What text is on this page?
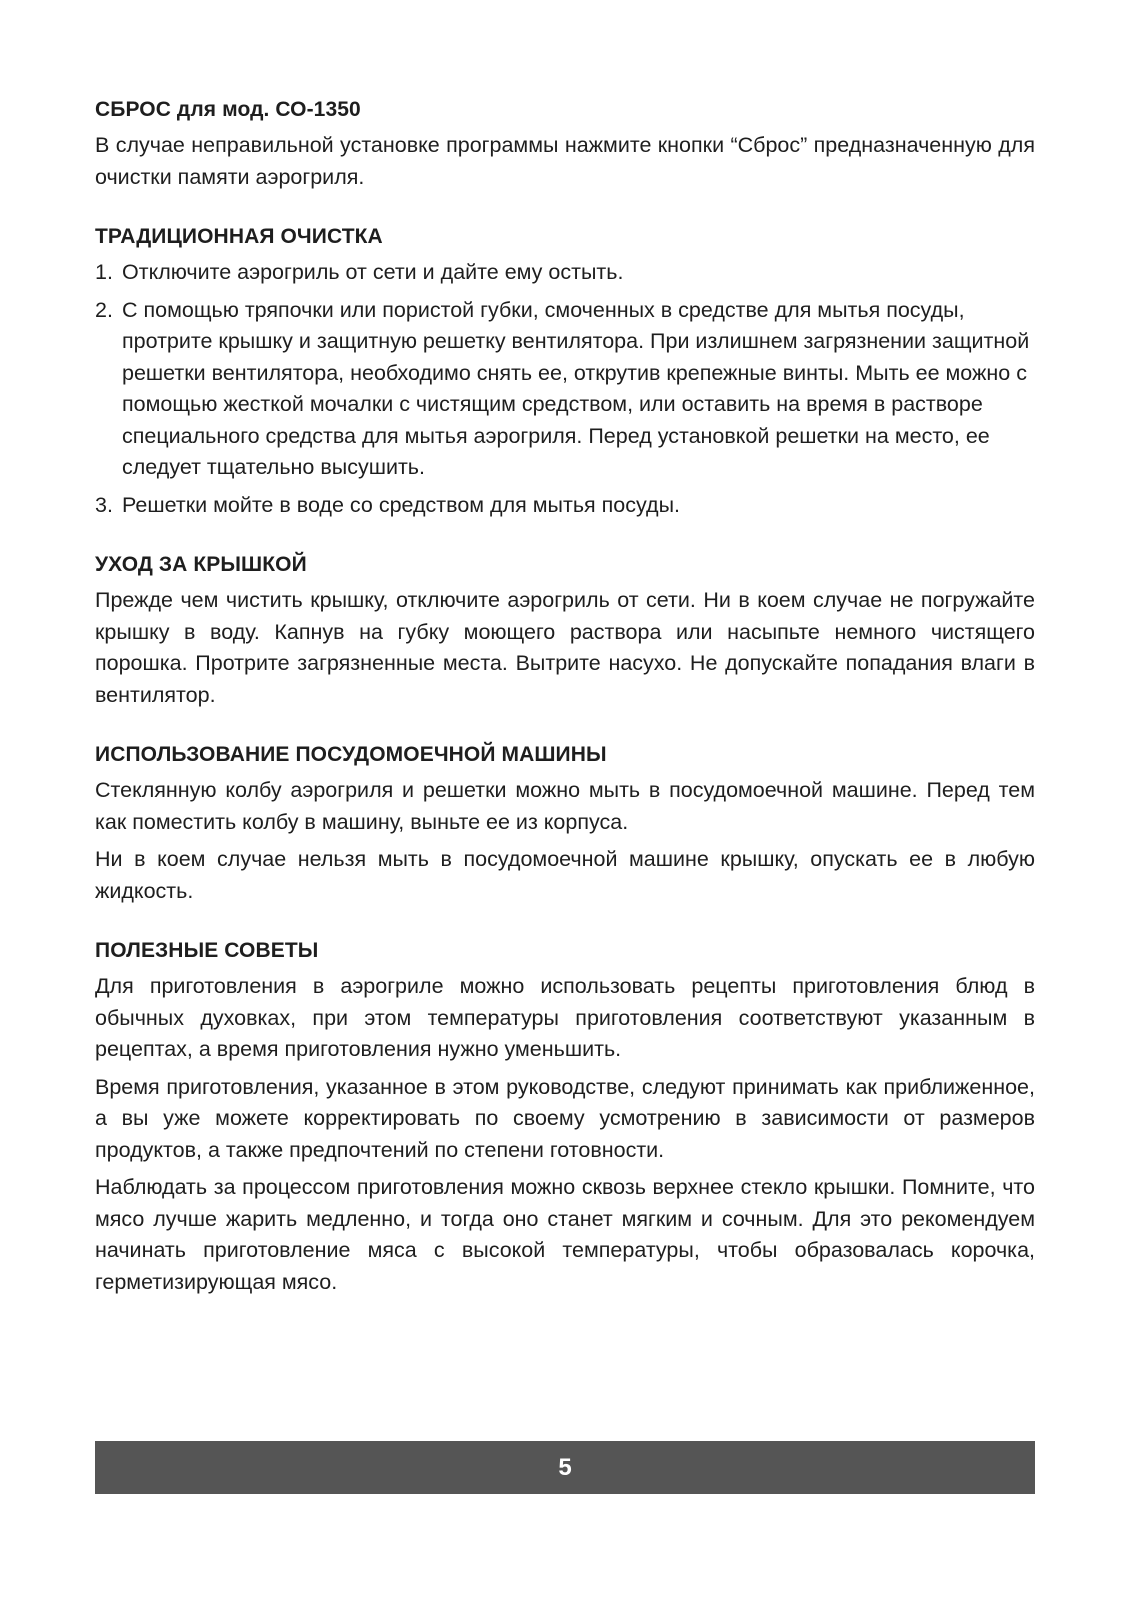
СБРОС для мод. СО-1350

В случае неправильной установке программы нажмите кнопки “Сброс” предназначенную для очистки памяти аэрогриля.

ТРАДИЦИОННАЯ ОЧИСТКА
1. Отключите аэрогриль от сети и дайте ему остыть.
2. С помощью тряпочки или пористой губки, смоченных в средстве для мытья посуды, протрите крышку и защитную решетку вентилятора. При излишнем загрязнении защитной решетки вентилятора, необходимо снять ее, открутив крепежные винты. Мыть ее можно с помощью жесткой мочалки с чистящим средством, или оставить на время в растворе специального средства для мытья аэрогриля. Перед установкой решетки на место, ее следует тщательно высушить.
3. Решетки мойте в воде со средством для мытья посуды.
УХОД ЗА КРЫШКОЙ

Прежде чем чистить крышку, отключите аэрогриль от сети. Ни в коем случае не погружайте крышку в воду. Капнув на губку моющего раствора или насыпьте немного чистящего порошка. Протрите загрязненные места. Вытрите насухо. Не допускайте попадания влаги в вентилятор.

ИСПОЛЬЗОВАНИЕ ПОСУДОМОЕЧНОЙ МАШИНЫ

Стеклянную колбу аэрогриля и решетки можно мыть в посудомоечной машине. Перед тем как поместить колбу в машину, выньте ее из корпуса.

Ни в коем случае нельзя мыть в посудомоечной машине крышку, опускать ее в любую жидкость.

ПОЛЕЗНЫЕ СОВЕТЫ

Для приготовления в аэрогриле можно использовать рецепты приготовления блюд в обычных духовках, при этом температуры приготовления соответствуют указанным в рецептах, а время приготовления нужно уменьшить.

Время приготовления, указанное в этом руководстве, следуют принимать как приближенное, а вы уже можете корректировать по своему усмотрению в зависимости от размеров продуктов, а также предпочтений по степени готовности.

Наблюдать за процессом приготовления можно сквозь верхнее стекло крышки. Помните, что мясо лучше жарить медленно, и тогда оно станет мягким и сочным. Для это рекомендуем начинать приготовление мяса с высокой температуры, чтобы образовалась корочка, герметизирующая мясо.

5
